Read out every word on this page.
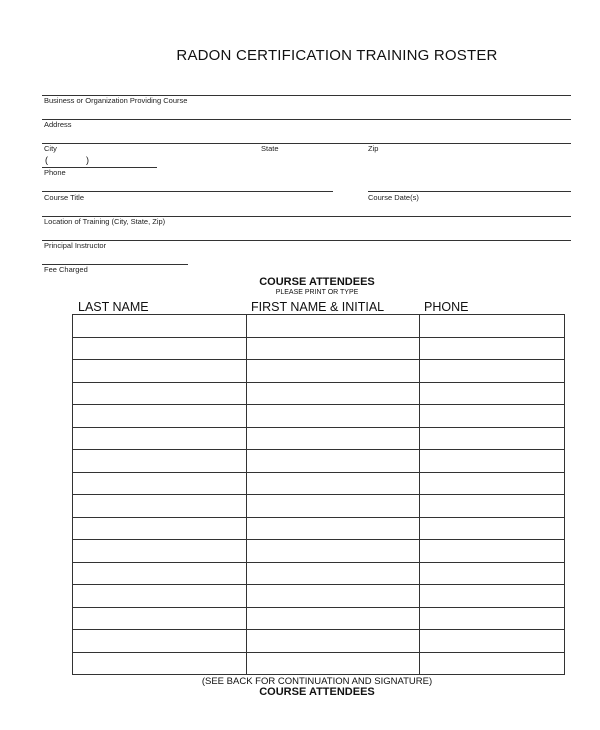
RADON CERTIFICATION TRAINING ROSTER
Business or Organization Providing Course
Address
City	State	Zip
(	)
Phone
Course Title	Course Date(s)
Location of Training (City, State, Zip)
Principal Instructor
Fee Charged
COURSE ATTENDEES
PLEASE PRINT OR TYPE
LAST NAME	FIRST NAME & INITIAL	PHONE

(SEE BACK FOR CONTINUATION AND SIGNATURE)
COURSE ATTENDEES
